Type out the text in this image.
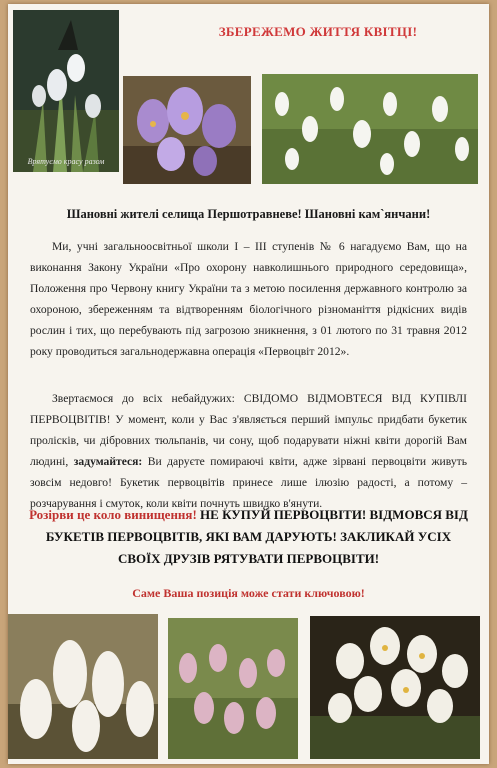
Врятуємо красу разом
ЗБЕРЕЖЕМО ЖИТТЯ КВІТЦІ!
Шановні жителі селища Першотравневе! Шановні кам`янчани!

Ми, учні загальноосвітньої школи І – ІІІ ступенів № 6 нагадуємо Вам, що на виконання Закону України «Про охорону навколишнього природного середовища», Положення про Червону книгу України та з метою посилення державного контролю за охороною, збереженням та відтворенням біологічного різноманіття рідкісних видів рослин і тих, що перебувають під загрозою зникнення, з 01 лютого по 31 травня 2012 року проводиться загальнодержавна операція «Первоцвіт 2012».

Звертаємося до всіх небайдужих: СВІДОМО ВІДМОВТЕСЯ ВІД КУПІВЛІ ПЕРВОЦВІТІВ! У момент, коли у Вас з'являється перший імпульс придбати букетик пролісків, чи дібровних тюльпанів, чи сону, щоб подарувати ніжні квіти дорогій Вам людині, задумайтеся: Ви даруєте помираючі квіти, адже зірвані первоцвіти живуть зовсім недовго! Букетик первоцвітів принесе лише ілюзію радості, а потому – розчарування і смуток, коли квіти почнуть швидко в'янути.

Розірви це коло винищення! НЕ КУПУЙ ПЕРВОЦВІТИ! ВІДМОВСЯ ВІД БУКЕТІВ ПЕРВОЦВІТІВ, ЯКІ ВАМ ДАРУЮТЬ! ЗАКЛИКАЙ УСІХ СВОЇХ ДРУЗІВ РЯТУВАТИ ПЕРВОЦВІТИ!

Саме Ваша позиція може стати ключовою!
